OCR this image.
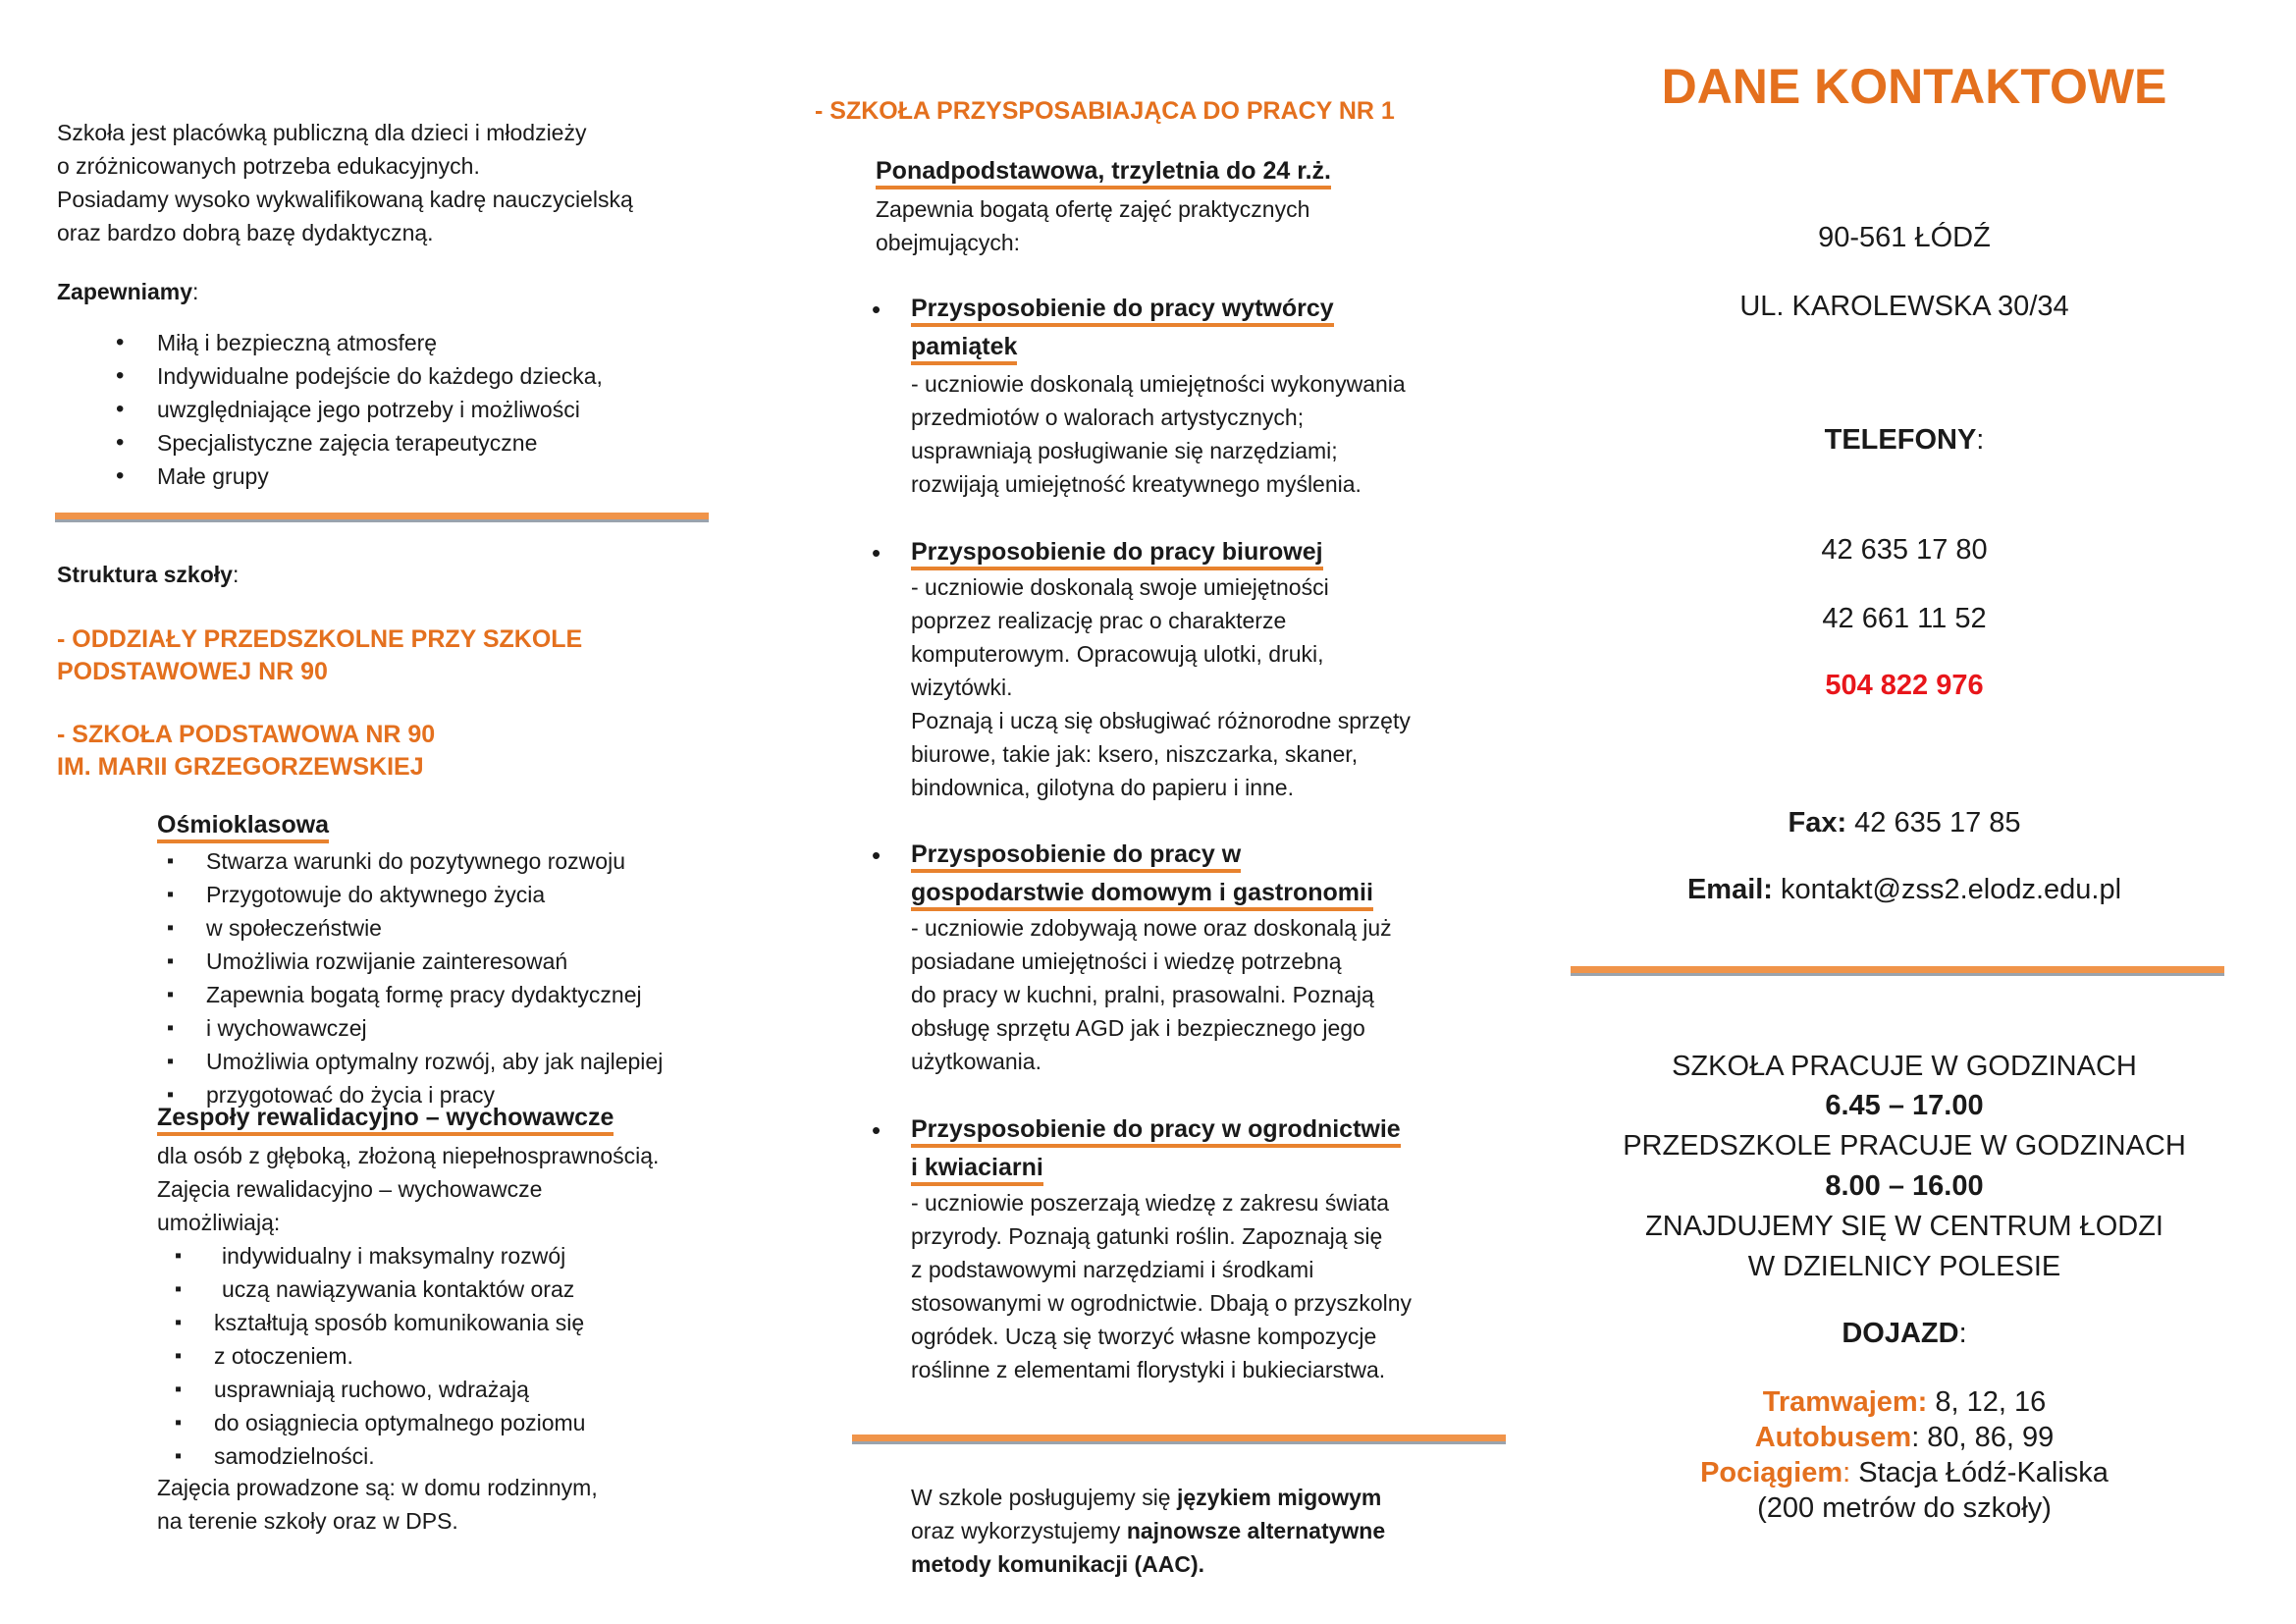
Szkoła jest placówką publiczną dla dzieci i młodzieży

o zróżnicowanych potrzeba edukacyjnych.

Posiadamy wysoko wykwalifikowaną kadrę nauczycielską

oraz bardzo dobrą bazę dydaktyczną.

Zapewniamy:

• Miłą i bezpieczną atmosferę
• Indywidualne podejście do każdego dziecka,
• uwzględniające jego potrzeby i możliwości
• Specjalistyczne zajęcia terapeutyczne
• Małe grupy

Struktura szkoły:

- ODDZIAŁY PRZEDSZKOLNE PRZY SZKOLE

PODSTAWOWEJ NR 90

- SZKOŁA PODSTAWOWA NR 90

IM. MARII GRZEGORZEWSKIEJ

Ośmioklasowa
▪ Stwarza warunki do pozytywnego rozwoju
▪ Przygotowuje do aktywnego życia
▪ w społeczeństwie
▪ Umożliwia rozwijanie zainteresowań
▪ Zapewnia bogatą formę pracy dydaktycznej
▪ i wychowawczej
▪ Umożliwia optymalny rozwój, aby jak najlepiej
▪ przygotować do życia i pracy
Zespoły rewalidacyjno – wychowawcze

dla osób z głęboką, złożoną niepełnosprawnością.

Zajęcia rewalidacyjno – wychowawcze

umożliwiają:

▪ indywidualny i maksymalny rozwój
▪ uczą nawiązywania kontaktów oraz
▪ kształtują sposób komunikowania się
▪ z otoczeniem.
▪ usprawniają ruchowo, wdrażają
▪ do osiągniecia optymalnego poziomu
▪ samodzielności.

Zajęcia prowadzone są: w domu rodzinnym,

na terenie szkoły oraz w DPS.

- SZKOŁA PRZYSPOSABIAJĄCA DO PRACY NR 1

Ponadpodstawowa, trzyletnia do 24 r.ż.

Zapewnia bogatą ofertę zajęć praktycznych

obejmujących:

• Przysposobienie do pracy wytwórcy
pamiątek

- uczniowie doskonalą umiejętności wykonywania

przedmiotów o walorach artystycznych;

usprawniają posługiwanie się narzędziami;

rozwijają umiejętność kreatywnego myślenia.

• Przysposobienie do pracy biurowej

- uczniowie doskonalą swoje umiejętności

poprzez realizację prac o charakterze

komputerowym. Opracowują ulotki, druki,

wizytówki.

Poznają i uczą się obsługiwać różnorodne sprzęty

biurowe, takie jak: ksero, niszczarka, skaner,

bindownica, gilotyna do papieru i inne.

• Przysposobienie do pracy w
gospodarstwie domowym i gastronomii

- uczniowie zdobywają nowe oraz doskonalą już

posiadane umiejętności i wiedzę potrzebną

do pracy w kuchni, pralni, prasowalni. Poznają

obsługę sprzętu AGD jak i bezpiecznego jego

użytkowania.

• Przysposobienie do pracy w ogrodnictwie
i kwiaciarni

- uczniowie poszerzają wiedzę z zakresu świata

przyrody. Poznają gatunki roślin. Zapoznają się

z podstawowymi narzędziami i środkami

stosowanymi w ogrodnictwie. Dbają o przyszkolny

ogródek. Uczą się tworzyć własne kompozycje

roślinne z elementami florystyki i bukieciarstwa.

W szkole posługujemy się językiem migowym

oraz wykorzystujemy najnowsze alternatywne

metody komunikacji (AAC).

DANE KONTAKTOWE

90-561 ŁÓDŹ

UL. KAROLEWSKA 30/34

TELEFONY:

42 635 17 80

42 661 11 52

504 822 976

Fax: 42 635 17 85

Email: kontakt@zss2.elodz.edu.pl

SZKOŁA PRACUJE W GODZINACH

6.45 – 17.00

PRZEDSZKOLE PRACUJE W GODZINACH

8.00 – 16.00

ZNAJDUJEMY SIĘ W CENTRUM ŁODZI

W DZIELNICY POLESIE

DOJAZD:

Tramwajem: 8, 12, 16

Autobusem: 80, 86, 99

Pociągiem: Stacja Łódź-Kaliska

(200 metrów do szkoły)
